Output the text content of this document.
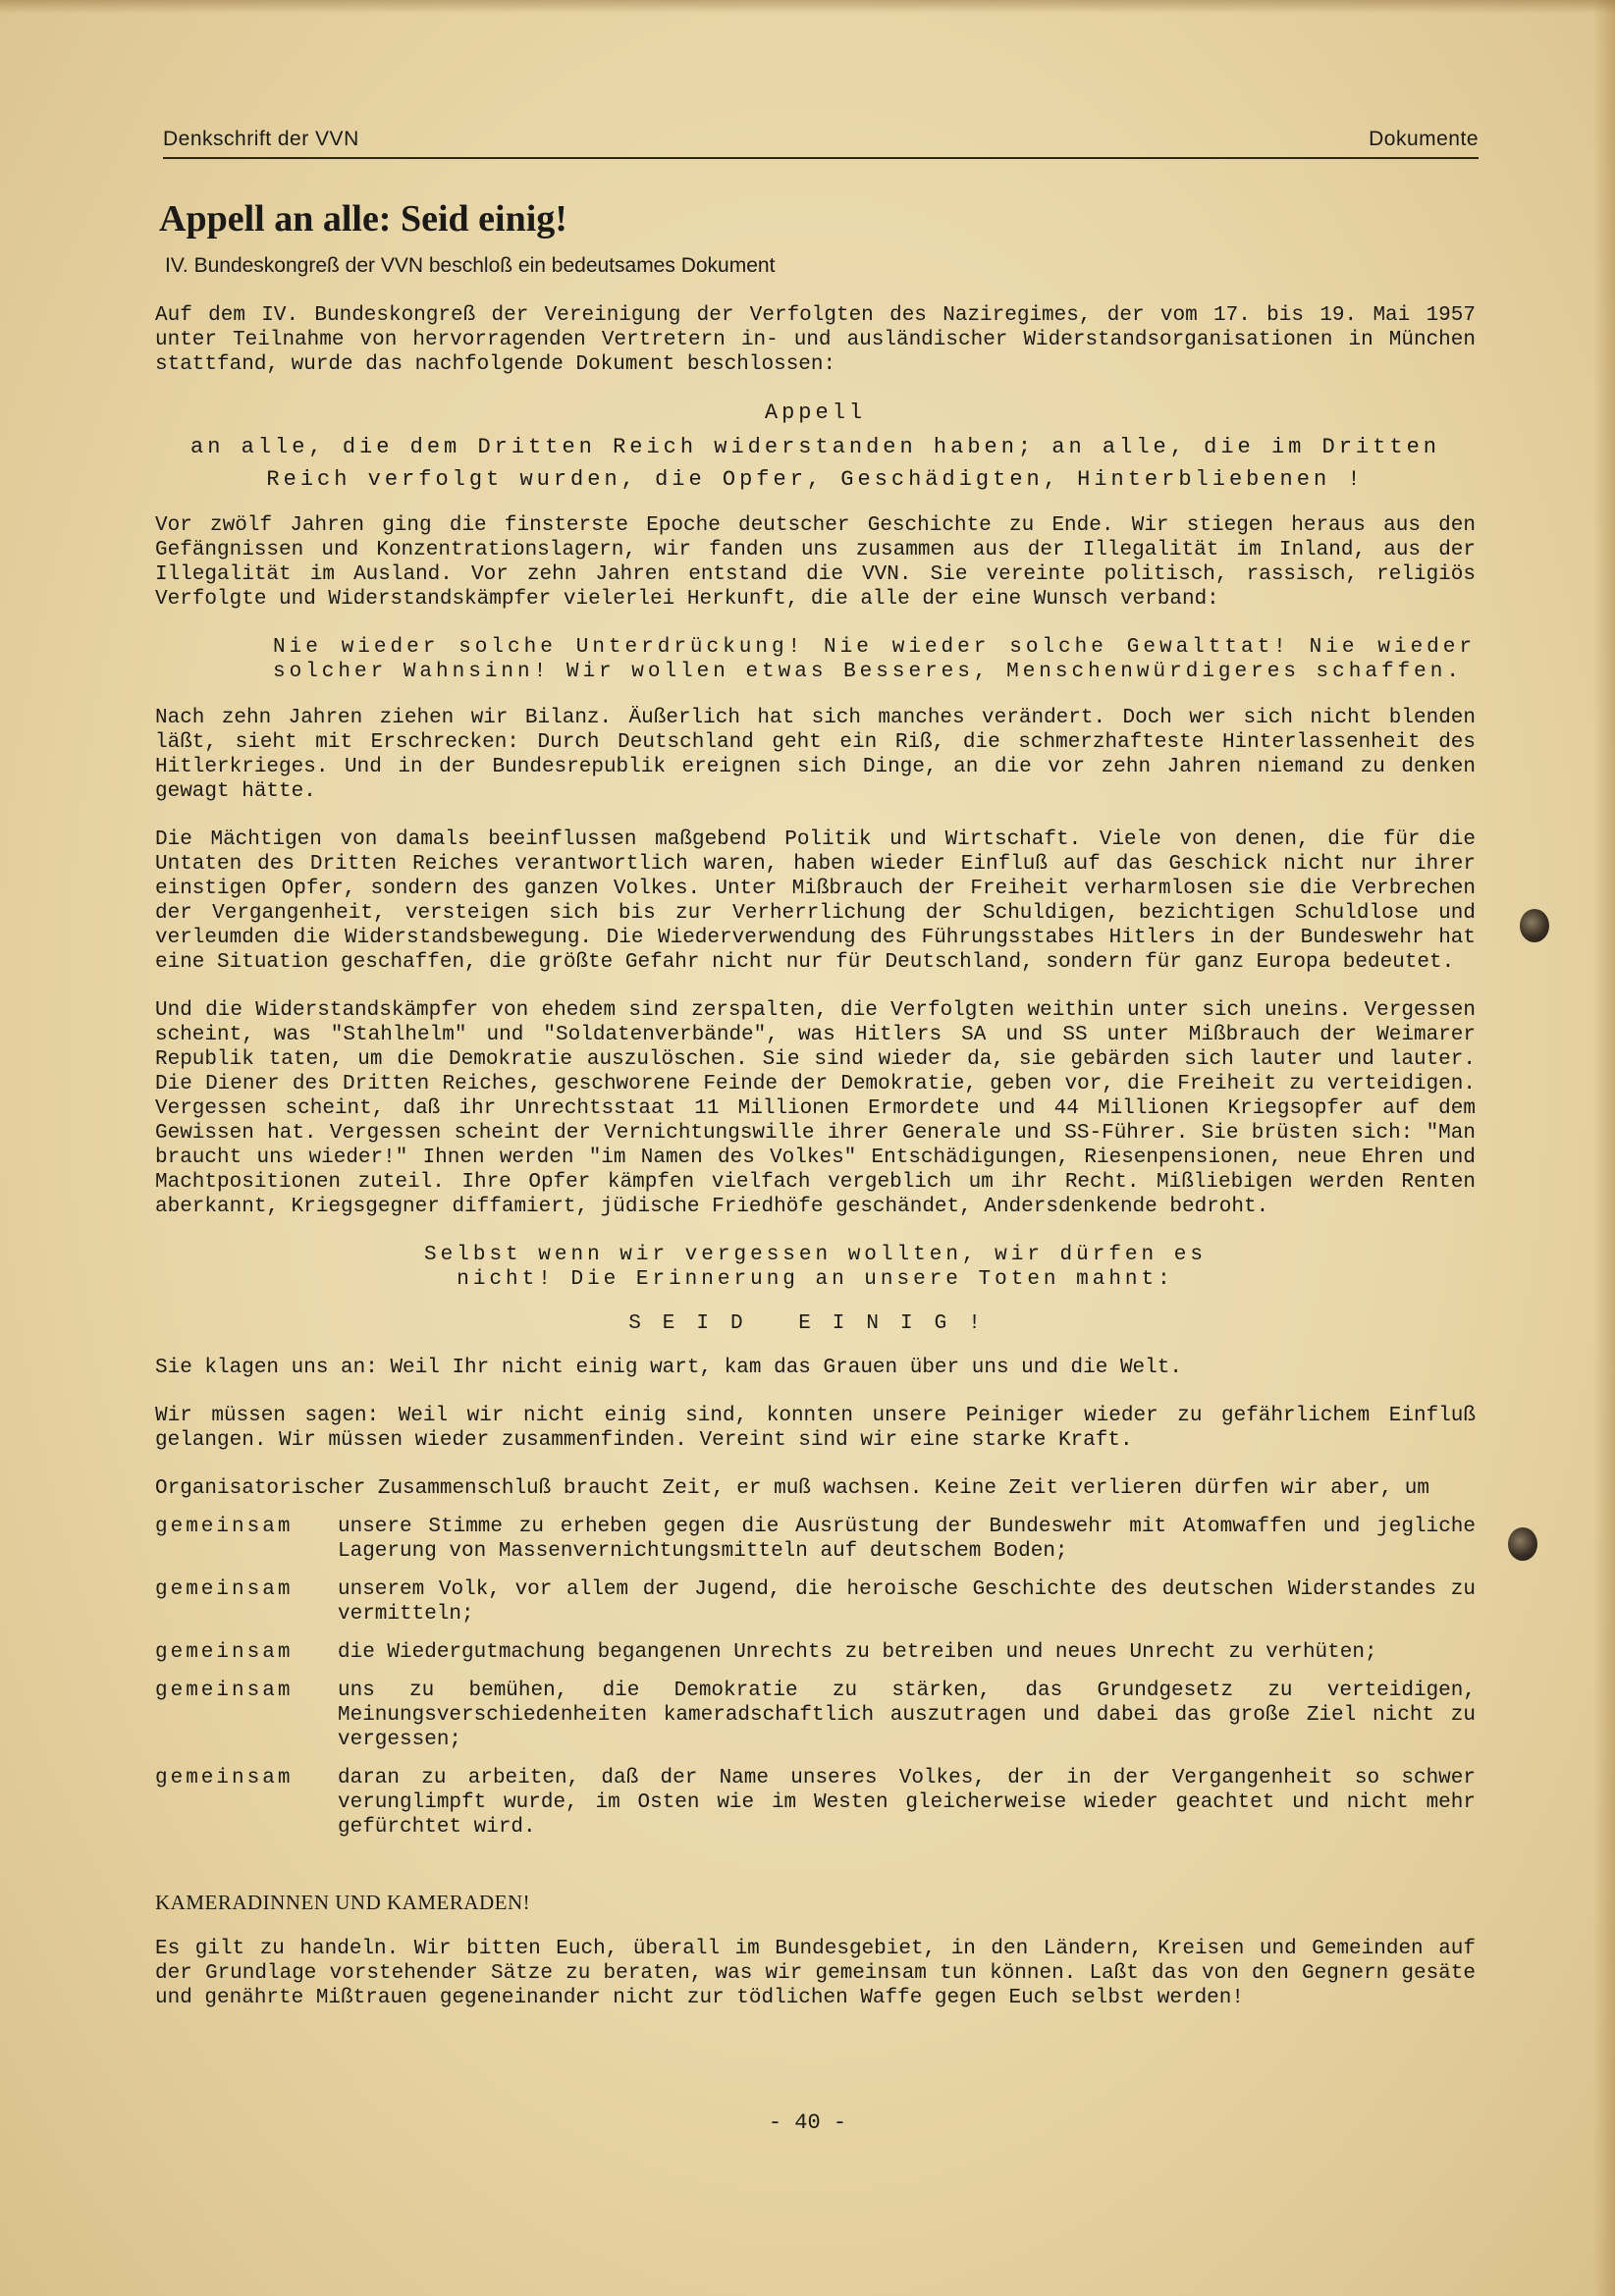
Denkschrift der VVN	Dokumente
Appell an alle: Seid einig!
IV. Bundeskongreß der VVN beschloß ein bedeutsames Dokument

Auf dem IV. Bundeskongreß der Vereinigung der Verfolgten des Naziregimes, der vom 17. bis 19. Mai 1957 unter Teilnahme von hervorragenden Vertretern in- und ausländischer Widerstandsorganisationen in München stattfand, wurde das nachfolgende Dokument beschlossen:

Appell
an alle, die dem Dritten Reich widerstanden haben; an alle, die im Dritten
Reich verfolgt wurden, die Opfer, Geschädigten, Hinterbliebenen !

Vor zwölf Jahren ging die finsterste Epoche deutscher Geschichte zu Ende. Wir stiegen heraus aus den Gefängnissen und Konzentrationslagern, wir fanden uns zusammen aus der Illegalität im Inland, aus der Illegalität im Ausland. Vor zehn Jahren entstand die VVN. Sie vereinte politisch, rassisch, religiös Verfolgte und Widerstandskämpfer vielerlei Herkunft, die alle der eine Wunsch verband:

Nie wieder solche Unterdrückung! Nie wieder solche Gewalttat! Nie wieder solcher Wahnsinn! Wir wollen etwas Besseres, Menschenwürdigeres schaffen.

Nach zehn Jahren ziehen wir Bilanz. Äußerlich hat sich manches verändert. Doch wer sich nicht blenden läßt, sieht mit Erschrecken: Durch Deutschland geht ein Riß, die schmerzhafteste Hinterlassenheit des Hitlerkrieges. Und in der Bundesrepublik ereignen sich Dinge, an die vor zehn Jahren niemand zu denken gewagt hätte.

Die Mächtigen von damals beeinflussen maßgebend Politik und Wirtschaft. Viele von denen, die für die Untaten des Dritten Reiches verantwortlich waren, haben wieder Einfluß auf das Geschick nicht nur ihrer einstigen Opfer, sondern des ganzen Volkes. Unter Mißbrauch der Freiheit verharmlosen sie die Verbrechen der Vergangenheit, versteigen sich bis zur Verherrlichung der Schuldigen, bezichtigen Schuldlose und verleumden die Widerstandsbewegung. Die Wiederverwendung des Führungsstabes Hitlers in der Bundeswehr hat eine Situation geschaffen, die größte Gefahr nicht nur für Deutschland, sondern für ganz Europa bedeutet.

Und die Widerstandskämpfer von ehedem sind zerspalten, die Verfolgten weithin unter sich uneins. Vergessen scheint, was "Stahlhelm" und "Soldatenverbände", was Hitlers SA und SS unter Mißbrauch der Weimarer Republik taten, um die Demokratie auszulöschen. Sie sind wieder da, sie gebärden sich lauter und lauter. Die Diener des Dritten Reiches, geschworene Feinde der Demokratie, geben vor, die Freiheit zu verteidigen. Vergessen scheint, daß ihr Unrechtsstaat 11 Millionen Ermordete und 44 Millionen Kriegsopfer auf dem Gewissen hat. Vergessen scheint der Vernichtungswille ihrer Generale und SS-Führer. Sie brüsten sich: "Man braucht uns wieder!" Ihnen werden "im Namen des Volkes" Entschädigungen, Riesenpensionen, neue Ehren und Machtpositionen zuteil. Ihre Opfer kämpfen vielfach vergeblich um ihr Recht. Mißliebigen werden Renten aberkannt, Kriegsgegner diffamiert, jüdische Friedhöfe geschändet, Andersdenkende bedroht.

Selbst wenn wir vergessen wollten, wir dürfen es nicht! Die Erinnerung an unsere Toten mahnt:
SEID EINIG!

Sie klagen uns an: Weil Ihr nicht einig wart, kam das Grauen über uns und die Welt.

Wir müssen sagen: Weil wir nicht einig sind, konnten unsere Peiniger wieder zu gefährlichem Einfluß gelangen. Wir müssen wieder zusammenfinden. Vereint sind wir eine starke Kraft.

Organisatorischer Zusammenschluß braucht Zeit, er muß wachsen. Keine Zeit verlieren dürfen wir aber, um

gemeinsam	unsere Stimme zu erheben gegen die Ausrüstung der Bundeswehr mit Atomwaffen und jegliche Lagerung von Massenvernichtungsmitteln auf deutschem Boden;
gemeinsam	unserem Volk, vor allem der Jugend, die heroische Geschichte des deutschen Widerstandes zu vermitteln;
gemeinsam	die Wiedergutmachung begangenen Unrechts zu betreiben und neues Unrecht zu verhüten;
gemeinsam	uns zu bemühen, die Demokratie zu stärken, das Grundgesetz zu verteidigen, Meinungsverschiedenheiten kameradschaftlich auszutragen und dabei das große Ziel nicht zu vergessen;
gemeinsam	daran zu arbeiten, daß der Name unseres Volkes, der in der Vergangenheit so schwer verunglimpft wurde, im Osten wie im Westen gleicherweise wieder geachtet und nicht mehr gefürchtet wird.
KAMERADINNEN UND KAMERADEN!

Es gilt zu handeln. Wir bitten Euch, überall im Bundesgebiet, in den Ländern, Kreisen und Gemeinden auf der Grundlage vorstehender Sätze zu beraten, was wir gemeinsam tun können. Laßt das von den Gegnern gesäte und genährte Mißtrauen gegeneinander nicht zur tödlichen Waffe gegen Euch selbst werden!

- 40 -
